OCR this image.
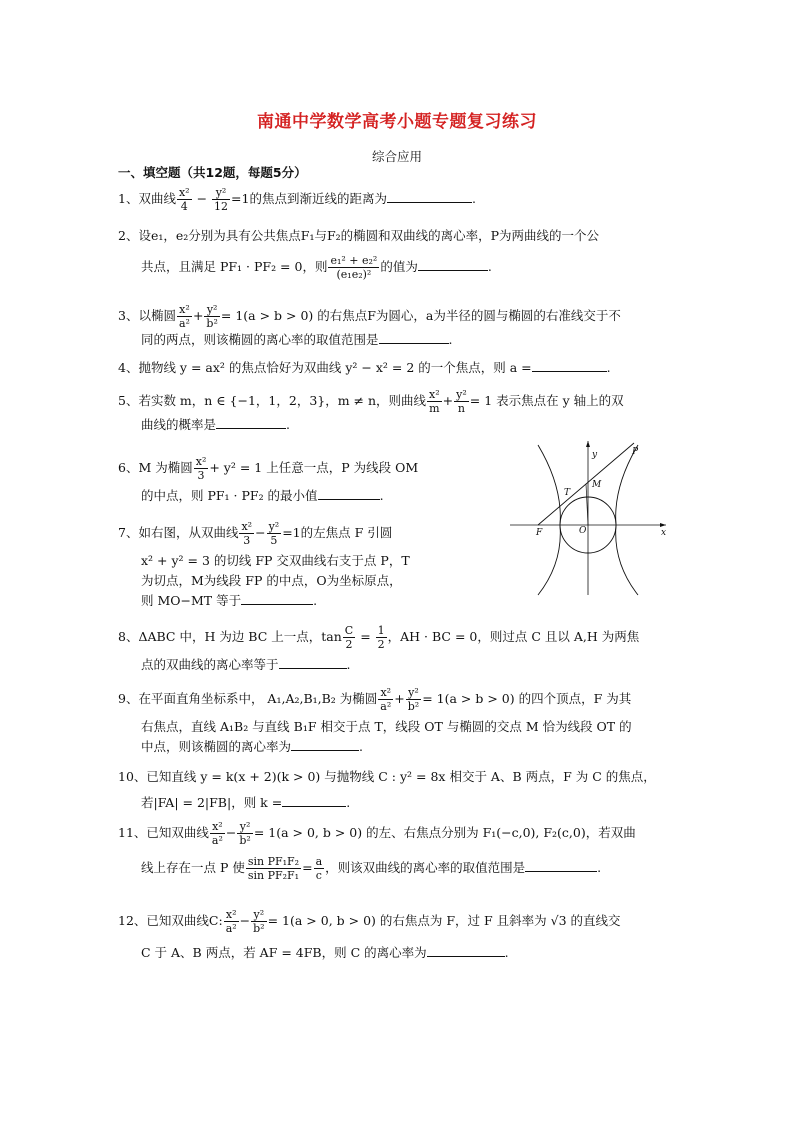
南通中学数学高考小题专题复习练习
综合应用
一、填空题（共12题，每题5分）
1、双曲线 $\frac{\text{x²}}{4} - \frac{\text{y²}}{12} =1$的焦点到渐近线的距离为	.
2、设e₁，e₂分别为具有公共焦点F₁与F₂的椭圆和双曲线的离心率，P为两曲线的一个公
共点，且满足 PF₁ · PF₂ = 0，则 $\frac{\text{e₁² + e₂²}}{\text{(e₁e₂)²}}$ 的值为	.
3、以椭圆 $\frac{\text{x²}}{\text{a²}} + \frac{\text{y²}}{\text{b²}} = 1(a > b > 0)$ 的右焦点F为圆心，a为半径的圆与椭圆的右准线交于不
同的两点，则该椭圆的离心率的取值范围是	.
4、抛物线 y = ax² 的焦点恰好为双曲线 y² − x² = 2 的一个焦点，则 a =	.
5、若实数 m，n ∈ {−1，1，2，3}，m ≠ n，则曲线 $\frac{\text{x²}}{m} + \frac{\text{y²}}{n} = 1$ 表示焦点在 y 轴上的双
曲线的概率是	.
6、M 为椭圆 $\frac{\text{x²}}{3} + y^2 = 1$ 上任意一点，P 为线段 OM
的中点，则 PF₁ · PF₂ 的最小值	.
7、如右图，从双曲线 $\frac{\text{x²}}{3} - \frac{\text{y²}}{5} =1$的左焦点 F 引圆
x² + y² = 3 的切线 FP 交双曲线右支于点 P，T
为切点，M为线段 FP 的中点，O为坐标原点，
则 MO−MT 等于	.
8、ΔABC 中，H 为边 BC 上一点，$\tan \frac{C}{2} = \frac{1}{2}$ ，AH · BC = 0，则过点 C 且以 A,H 为两焦
点的双曲线的离心率等于	.
9、在平面直角坐标系中， A₁,A₂,B₁,B₂ 为椭圆 $\frac{\text{x²}}{\text{a²}} + \frac{\text{y²}}{\text{b²}} = 1(a > b > 0)$ 的四个顶点，F 为其
右焦点，直线 A₁B₂ 与直线 B₁F 相交于点 T，线段 OT 与椭圆的交点 M 恰为线段 OT 的
中点，则该椭圆的离心率为	.
10、已知直线 y = k(x + 2)(k > 0) 与抛物线 C : y² = 8x 相交于 A、B 两点，F 为 C 的焦点，
若|FA| = 2|FB|，则 k =	.
11、已知双曲线 $\frac{\text{x²}}{\text{a²}} - \frac{\text{y²}}{\text{b²}} = 1(a > 0$, b > 0) 的左、右焦点分别为 F₁(−c,0), F₂(c,0)，若双曲
线上存在一点 P 使 $\frac{\text{sin PF₁F₂}}{\text{sin PF₂F₁}} = \frac{a}{c}$ ，则该双曲线的离心率的取值范围是	.
12、已知双曲线C: $\frac{\text{x²}}{\text{a²}} - \frac{\text{y²}}{\text{b²}} = 1(a > 0$, b > 0) 的右焦点为 F，过 F 且斜率为 √3 的直线交
C 于 A、B 两点，若 AF = 4FB，则 C 的离心率为	.
y
x
P
M
T
O
F
